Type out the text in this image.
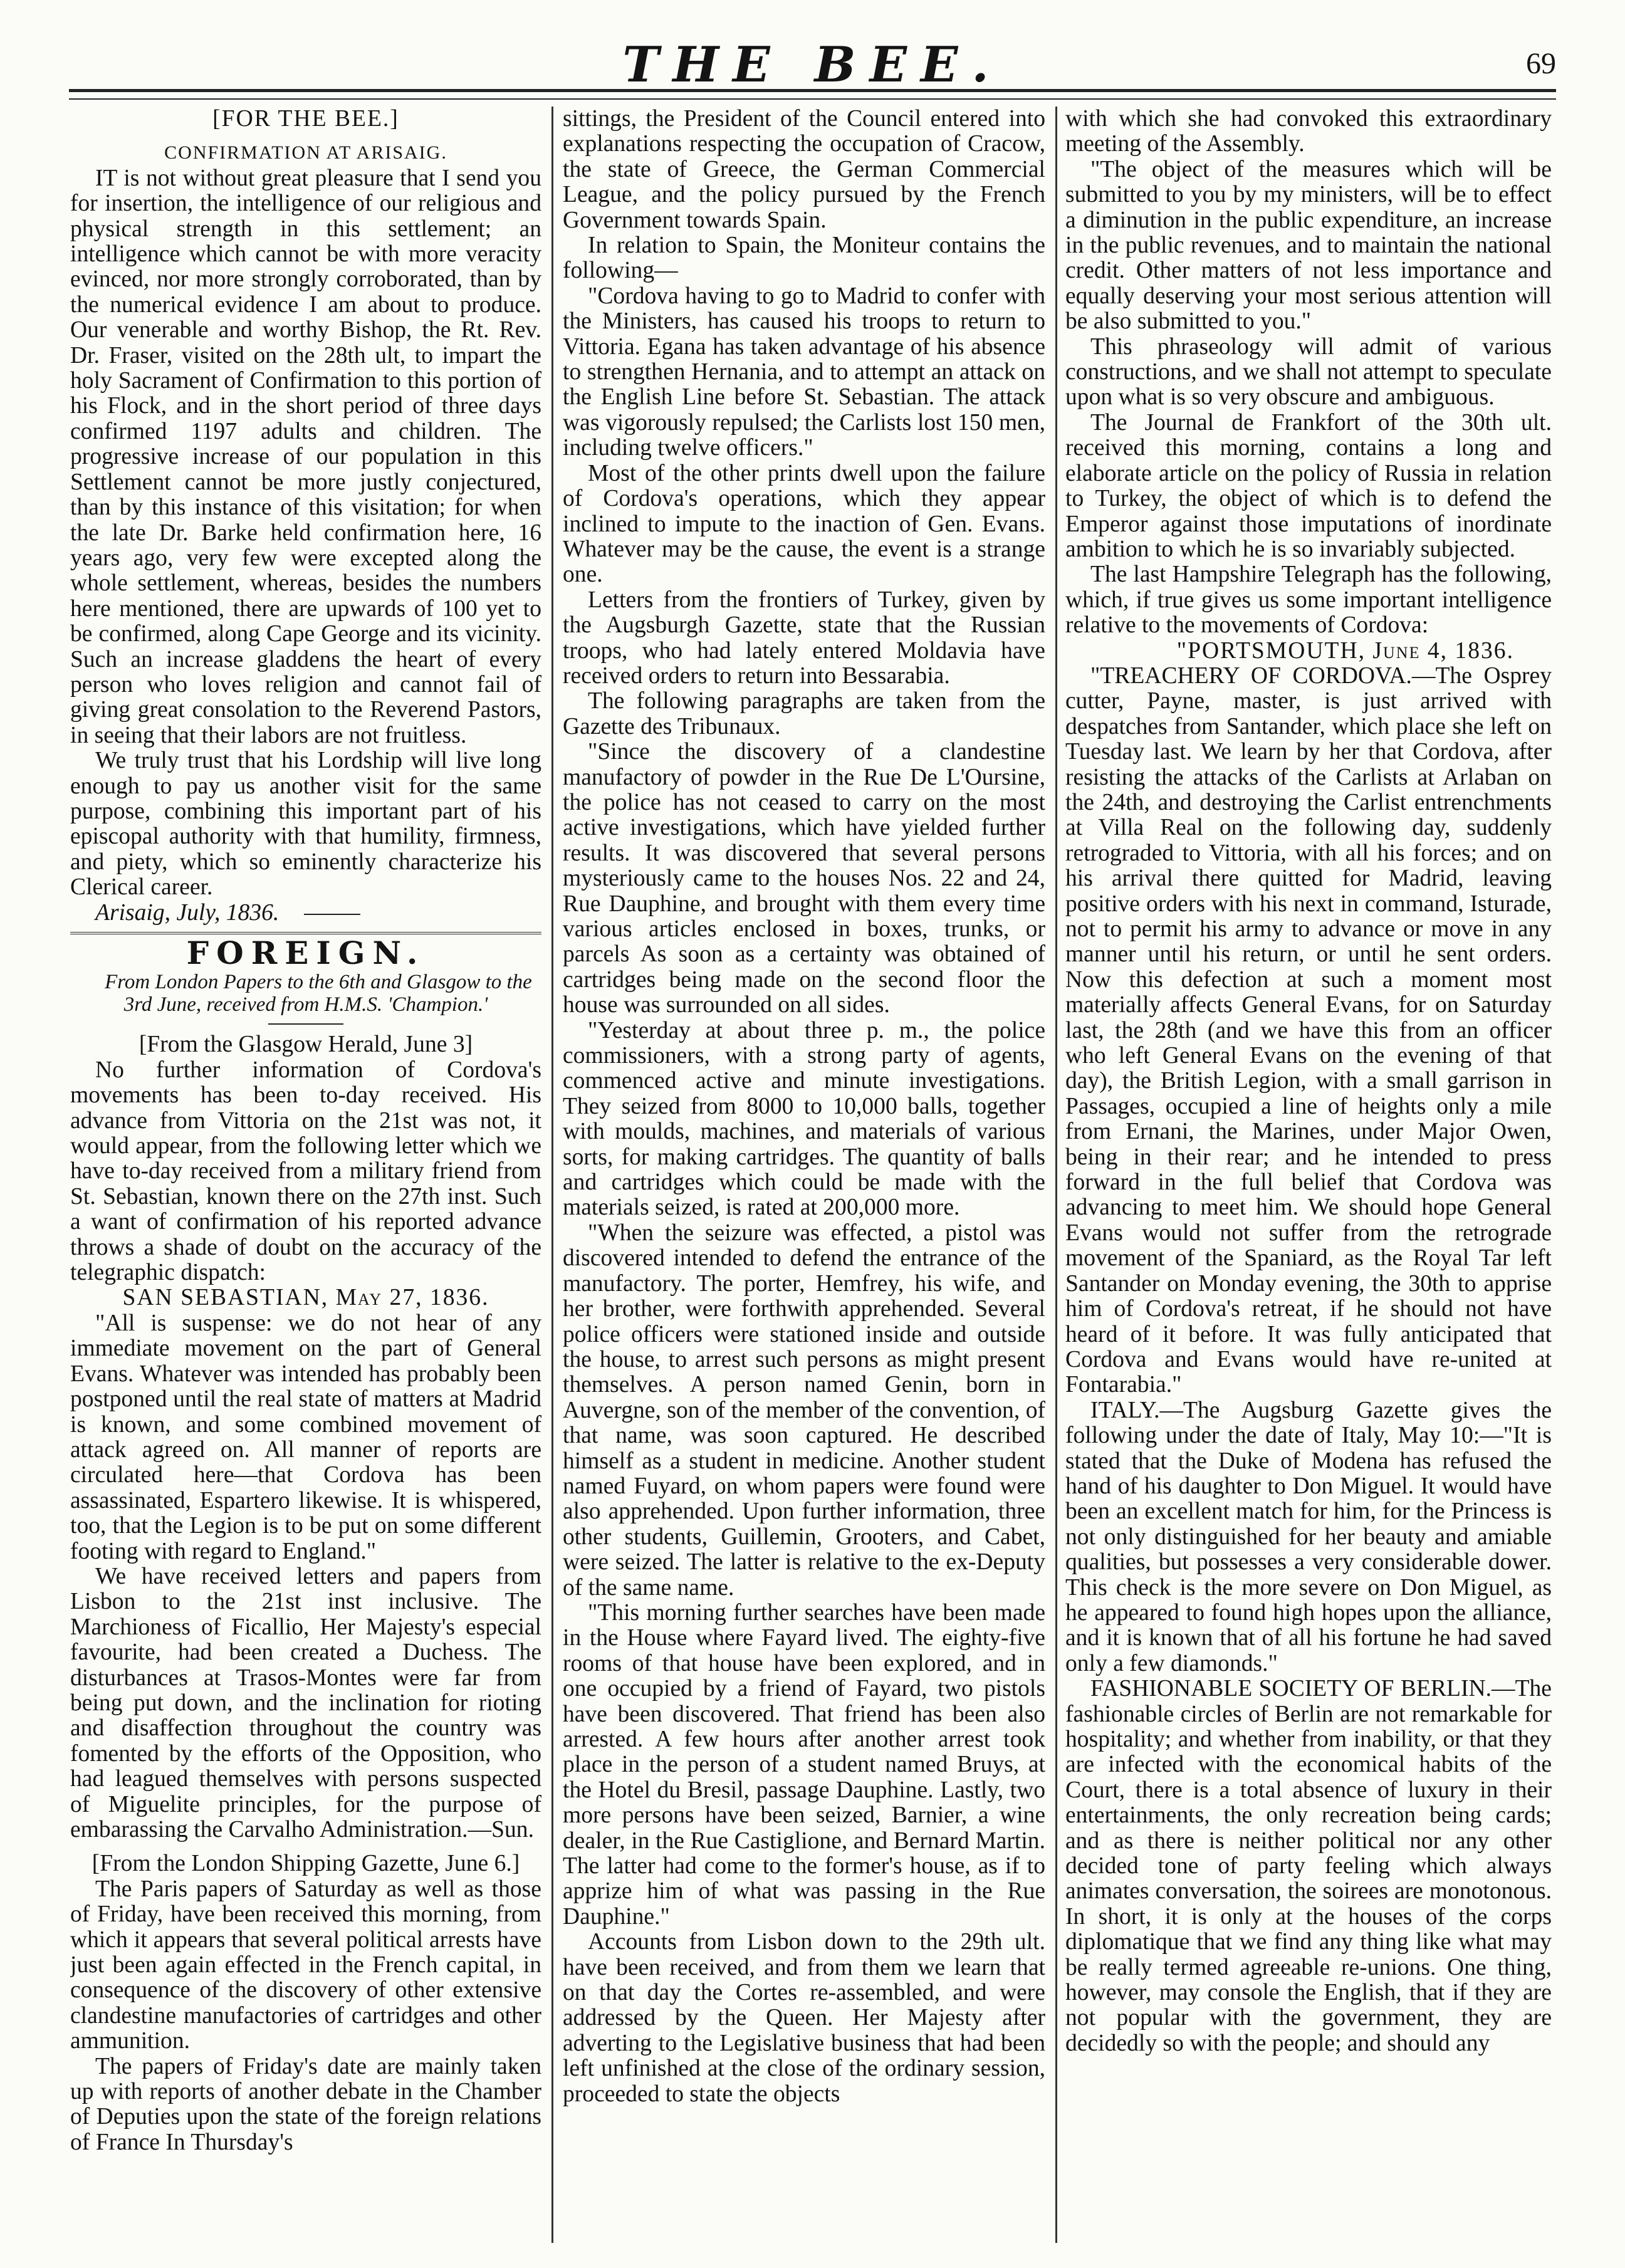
THE BEE.	69

[FOR THE BEE.]

CONFIRMATION AT ARISAIG.

IT is not without great pleasure that I send you for insertion, the intelligence of our religious and physical strength in this settlement; an intelligence which cannot be with more veracity evinced, nor more strongly corroborated, than by the numerical evidence I am about to produce. Our venerable and worthy Bishop, the Rt. Rev. Dr. Fraser, visited on the 28th ult, to impart the holy Sacrament of Confirmation to this portion of his Flock, and in the short period of three days confirmed 1197 adults and children. The progressive increase of our population in this Settlement cannot be more justly conjectured, than by this instance of this visitation; for when the late Dr. Barke held confirmation here, 16 years ago, very few were excepted along the whole settlement, whereas, besides the numbers here mentioned, there are upwards of 100 yet to be confirmed, along Cape George and its vicinity. Such an increase gladdens the heart of every person who loves religion and cannot fail of giving great consolation to the Reverend Pastors, in seeing that their labors are not fruitless.

We truly trust that his Lordship will live long enough to pay us another visit for the same purpose, combining this important part of his episcopal authority with that humility, firmness, and piety, which so eminently characterize his Clerical career.

Arisaig, July, 1836.

FOREIGN.

From London Papers to the 6th and Glasgow to the 3rd June, received from H.M.S. 'Champion.'

[From the Glasgow Herald, June 3]

No further information of Cordova's movements has been to-day received. His advance from Vittoria on the 21st was not, it would appear, from the following letter which we have to-day received from a military friend from St. Sebastian, known there on the 27th inst. Such a want of confirmation of his reported advance throws a shade of doubt on the accuracy of the telegraphic dispatch:

SAN SEBASTIAN, May 27, 1836.

"All is suspense: we do not hear of any immediate movement on the part of General Evans. Whatever was intended has probably been postponed until the real state of matters at Madrid is known, and some combined movement of attack agreed on. All manner of reports are circulated here—that Cordova has been assassinated, Espartero likewise. It is whispered, too, that the Legion is to be put on some different footing with regard to England."

We have received letters and papers from Lisbon to the 21st inst inclusive. The Marchioness of Ficallio, Her Majesty's especial favourite, had been created a Duchess. The disturbances at Trasos-Montes were far from being put down, and the inclination for rioting and disaffection throughout the country was fomented by the efforts of the Opposition, who had leagued themselves with persons suspected of Miguelite principles, for the purpose of embarassing the Carvalho Administration.—Sun.

[From the London Shipping Gazette, June 6.]

The Paris papers of Saturday as well as those of Friday, have been received this morning, from which it appears that several political arrests have just been again effected in the French capital, in consequence of the discovery of other extensive clandestine manufactories of cartridges and other ammunition.

The papers of Friday's date are mainly taken up with reports of another debate in the Chamber of Deputies upon the state of the foreign relations of France In Thursday's

sittings, the President of the Council entered into explanations respecting the occupation of Cracow, the state of Greece, the German Commercial League, and the policy pursued by the French Government towards Spain.

In relation to Spain, the Moniteur contains the following—

"Cordova having to go to Madrid to confer with the Ministers, has caused his troops to return to Vittoria. Egana has taken advantage of his absence to strengthen Hernania, and to attempt an attack on the English Line before St. Sebastian. The attack was vigorously repulsed; the Carlists lost 150 men, including twelve officers."

Most of the other prints dwell upon the failure of Cordova's operations, which they appear inclined to impute to the inaction of Gen. Evans. Whatever may be the cause, the event is a strange one.

Letters from the frontiers of Turkey, given by the Augsburgh Gazette, state that the Russian troops, who had lately entered Moldavia have received orders to return into Bessarabia.

The following paragraphs are taken from the Gazette des Tribunaux.

"Since the discovery of a clandestine manufactory of powder in the Rue De L'Oursine, the police has not ceased to carry on the most active investigations, which have yielded further results. It was discovered that several persons mysteriously came to the houses Nos. 22 and 24, Rue Dauphine, and brought with them every time various articles enclosed in boxes, trunks, or parcels As soon as a certainty was obtained of cartridges being made on the second floor the house was surrounded on all sides.

"Yesterday at about three p. m., the police commissioners, with a strong party of agents, commenced active and minute investigations. They seized from 8000 to 10,000 balls, together with moulds, machines, and materials of various sorts, for making cartridges. The quantity of balls and cartridges which could be made with the materials seized, is rated at 200,000 more.

"When the seizure was effected, a pistol was discovered intended to defend the entrance of the manufactory. The porter, Hemfrey, his wife, and her brother, were forthwith apprehended. Several police officers were stationed inside and outside the house, to arrest such persons as might present themselves. A person named Genin, born in Auvergne, son of the member of the convention, of that name, was soon captured. He described himself as a student in medicine. Another student named Fuyard, on whom papers were found were also apprehended. Upon further information, three other students, Guillemin, Grooters, and Cabet, were seized. The latter is relative to the ex-Deputy of the same name.

"This morning further searches have been made in the House where Fayard lived. The eighty-five rooms of that house have been explored, and in one occupied by a friend of Fayard, two pistols have been discovered. That friend has been also arrested. A few hours after another arrest took place in the person of a student named Bruys, at the Hotel du Bresil, passage Dauphine. Lastly, two more persons have been seized, Barnier, a wine dealer, in the Rue Castiglione, and Bernard Martin. The latter had come to the former's house, as if to apprize him of what was passing in the Rue Dauphine."

Accounts from Lisbon down to the 29th ult. have been received, and from them we learn that on that day the Cortes re-assembled, and were addressed by the Queen. Her Majesty after adverting to the Legislative business that had been left unfinished at the close of the ordinary session, proceeded to state the objects

with which she had convoked this extraordinary meeting of the Assembly.

"The object of the measures which will be submitted to you by my ministers, will be to effect a diminution in the public expenditure, an increase in the public revenues, and to maintain the national credit. Other matters of not less importance and equally deserving your most serious attention will be also submitted to you."

This phraseology will admit of various constructions, and we shall not attempt to speculate upon what is so very obscure and ambiguous.

The Journal de Frankfort of the 30th ult. received this morning, contains a long and elaborate article on the policy of Russia in relation to Turkey, the object of which is to defend the Emperor against those imputations of inordinate ambition to which he is so invariably subjected.

The last Hampshire Telegraph has the following, which, if true gives us some important intelligence relative to the movements of Cordova:

"PORTSMOUTH, June 4, 1836.

"TREACHERY OF CORDOVA.—The Osprey cutter, Payne, master, is just arrived with despatches from Santander, which place she left on Tuesday last. We learn by her that Cordova, after resisting the attacks of the Carlists at Arlaban on the 24th, and destroying the Carlist entrenchments at Villa Real on the following day, suddenly retrograded to Vittoria, with all his forces; and on his arrival there quitted for Madrid, leaving positive orders with his next in command, Isturade, not to permit his army to advance or move in any manner until his return, or until he sent orders. Now this defection at such a moment most materially affects General Evans, for on Saturday last, the 28th (and we have this from an officer who left General Evans on the evening of that day), the British Legion, with a small garrison in Passages, occupied a line of heights only a mile from Ernani, the Marines, under Major Owen, being in their rear; and he intended to press forward in the full belief that Cordova was advancing to meet him. We should hope General Evans would not suffer from the retrograde movement of the Spaniard, as the Royal Tar left Santander on Monday evening, the 30th to apprise him of Cordova's retreat, if he should not have heard of it before. It was fully anticipated that Cordova and Evans would have re-united at Fontarabia."

ITALY.—The Augsburg Gazette gives the following under the date of Italy, May 10:—"It is stated that the Duke of Modena has refused the hand of his daughter to Don Miguel. It would have been an excellent match for him, for the Princess is not only distinguished for her beauty and amiable qualities, but possesses a very considerable dower. This check is the more severe on Don Miguel, as he appeared to found high hopes upon the alliance, and it is known that of all his fortune he had saved only a few diamonds."

FASHIONABLE SOCIETY OF BERLIN.—The fashionable circles of Berlin are not remarkable for hospitality; and whether from inability, or that they are infected with the economical habits of the Court, there is a total absence of luxury in their entertainments, the only recreation being cards; and as there is neither political nor any other decided tone of party feeling which always animates conversation, the soirees are monotonous. In short, it is only at the houses of the corps diplomatique that we find any thing like what may be really termed agreeable re-unions. One thing, however, may console the English, that if they are not popular with the government, they are decidedly so with the people; and should any
